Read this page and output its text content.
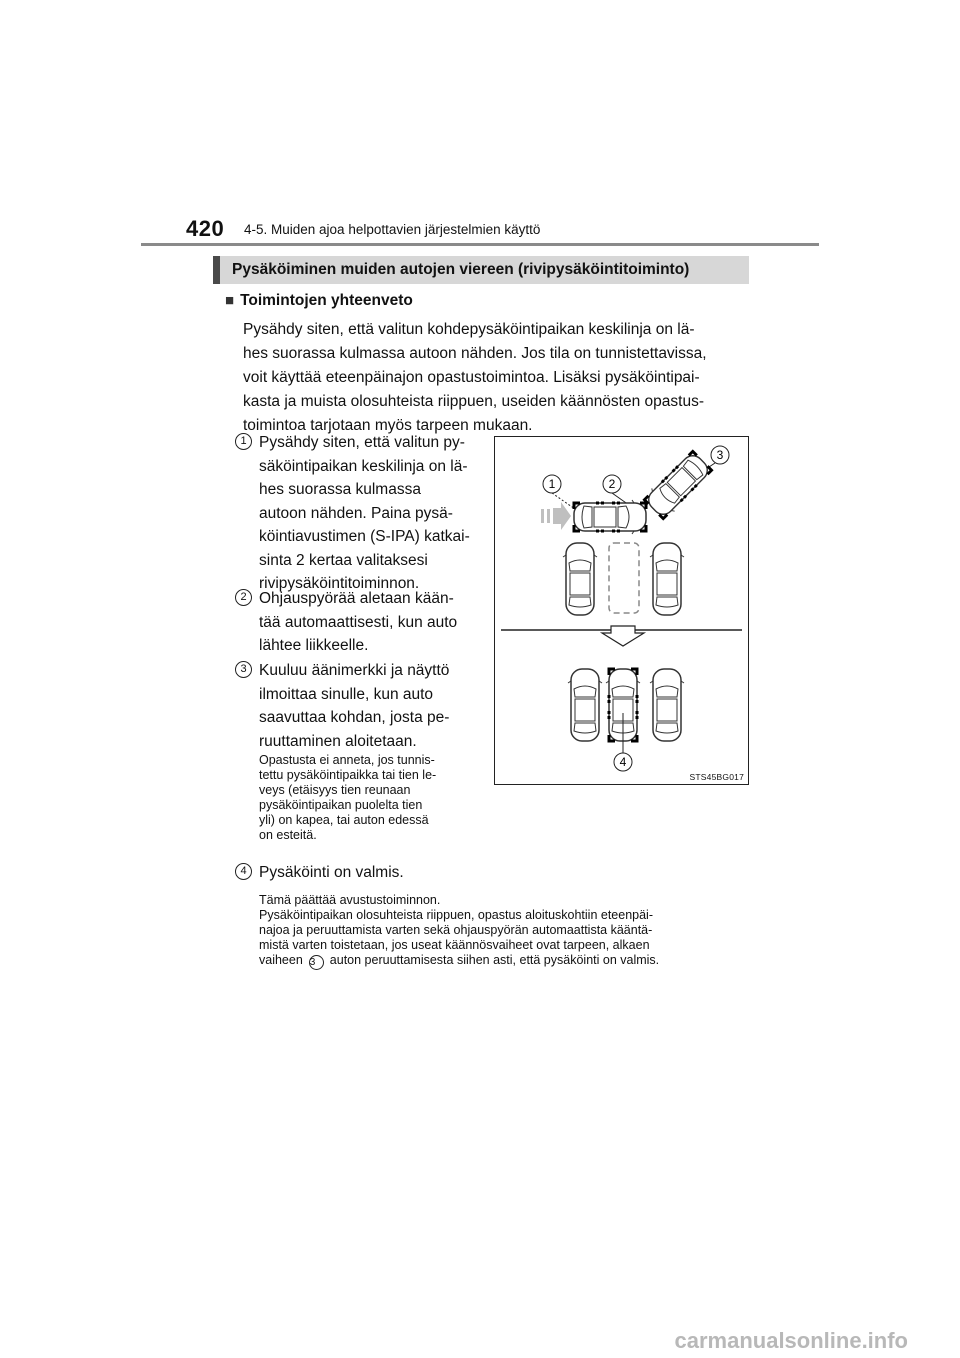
420 4-5. Muiden ajoa helpottavien järjestelmien käyttö
Pysäköiminen muiden autojen viereen (rivipysäköintitoiminto)
■ Toimintojen yhteenveto
Pysähdy siten, että valitun kohdepysäköintipaikan keskilinja on lä-
hes suorassa kulmassa autoon nähden. Jos tila on tunnistettavissa,
voit käyttää eteenpäinajon opastustoimintoa. Lisäksi pysäköintipai-
kasta ja muista olosuhteista riippuen, useiden käännösten opastus-
toimintoa tarjotaan myös tarpeen mukaan.
1 Pysähdy siten, että valitun py-
säköintipaikan keskilinja on lä-
hes suorassa kulmassa
autoon nähden. Paina pysä-
köintiavustimen (S-IPA) katkai-
sinta 2 kertaa valitaksesi
rivipysäköintitoiminnon.
2 Ohjauspyörää aletaan kään-
tää automaattisesti, kun auto
lähtee liikkeelle.
3 Kuuluu äänimerkki ja näyttö
ilmoittaa sinulle, kun auto
saavuttaa kohdan, josta pe-
ruuttaminen aloitetaan.
Opastusta ei anneta, jos tunnis-
tettu pysäköintipaikka tai tien le-
veys (etäisyys tien reunaan
pysäköintipaikan puolelta tien
yli) on kapea, tai auton edessä
on esteitä.
4 Pysäköinti on valmis.
Tämä päättää avustustoiminnon.
Pysäköintipaikan olosuhteista riippuen, opastus aloituskohtiin eteenpäi-
najoa ja peruuttamista varten sekä ohjauspyörän automaattista kääntä-
mistä varten toistetaan, jos useat käännösvaiheet ovat tarpeen, alkaen
vaiheen 3 auton peruuttamisesta siihen asti, että pysäköinti on valmis.
1	2
3
4
STS45BG017
carmanualsonline.info
